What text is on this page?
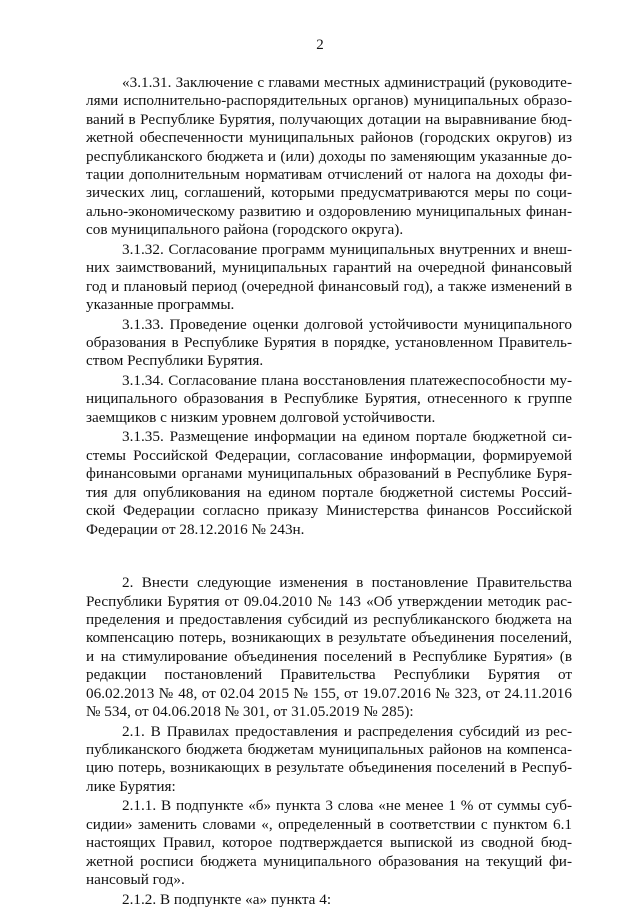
2

«3.1.31. Заключение с главами местных администраций (руководителями исполнительно-распорядительных органов) муниципальных образований в Республике Бурятия, получающих дотации на выравнивание бюджетной обеспеченности муниципальных районов (городских округов) из республиканского бюджета и (или) доходы по заменяющим указанные дотации дополнительным нормативам отчислений от налога на доходы физических лиц, соглашений, которыми предусматриваются меры по социально-экономическому развитию и оздоровлению муниципальных финансов муниципального района (городского округа).

3.1.32. Согласование программ муниципальных внутренних и внешних заимствований, муниципальных гарантий на очередной финансовый год и плановый период (очередной финансовый год), а также изменений в указанные программы.

3.1.33. Проведение оценки долговой устойчивости муниципального образования в Республике Бурятия в порядке, установленном Правительством Республики Бурятия.

3.1.34. Согласование плана восстановления платежеспособности муниципального образования в Республике Бурятия, отнесенного к группе заемщиков с низким уровнем долговой устойчивости.

3.1.35. Размещение информации на едином портале бюджетной системы Российской Федерации, согласование информации, формируемой финансовыми органами муниципальных образований в Республике Бурятия для опубликования на едином портале бюджетной системы Российской Федерации согласно приказу Министерства финансов Российской Федерации от 28.12.2016 № 243н.

2. Внести следующие изменения в постановление Правительства Республики Бурятия от 09.04.2010 № 143 «Об утверждении методик распределения и предоставления субсидий из республиканского бюджета на компенсацию потерь, возникающих в результате объединения поселений, и на стимулирование объединения поселений в Республике Бурятия» (в редакции постановлений Правительства Республики Бурятия от 06.02.2013 № 48, от 02.04 2015 № 155, от 19.07.2016 № 323, от 24.11.2016 № 534, от 04.06.2018 № 301, от 31.05.2019 № 285):

2.1. В Правилах предоставления и распределения субсидий из республиканского бюджета бюджетам муниципальных районов на компенсацию потерь, возникающих в результате объединения поселений в Республике Бурятия:

2.1.1. В подпункте «б» пункта 3 слова «не менее 1 % от суммы субсидии» заменить словами «, определенный в соответствии с пунктом 6.1 настоящих Правил, которое подтверждается выпиской из сводной бюджетной росписи бюджета муниципального образования на текущий финансовый год».

2.1.2. В подпункте «а» пункта 4:
